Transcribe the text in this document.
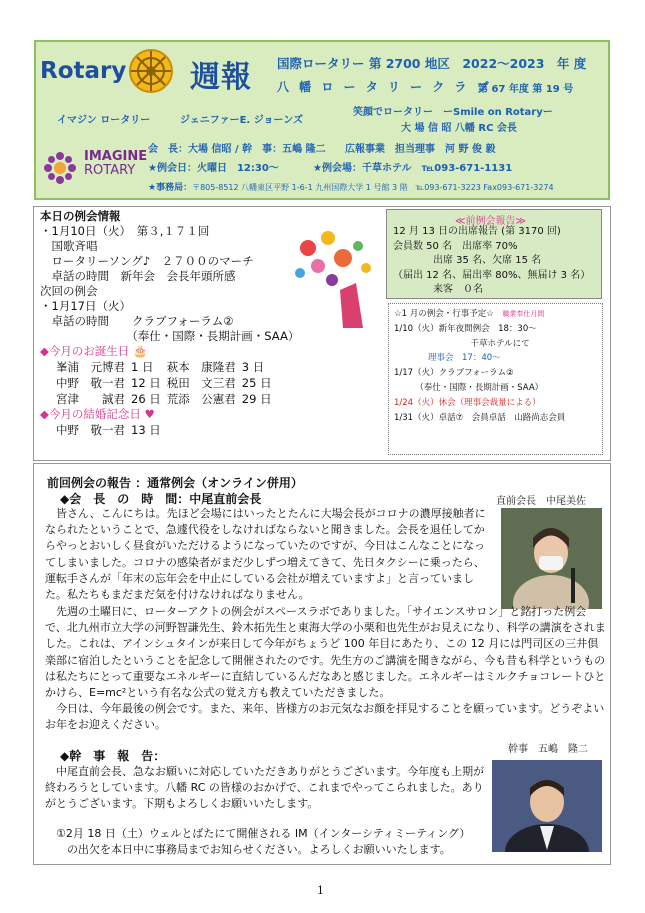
Rotary 週報 国際ロータリー 第 2700 地区　2022〜2023　年 度
八 幡 ロ ー タ リ ー ク ラ ブ
第 67 年度 第 19 号
イマジン ロータリー	ジェニファーE. ジョーンズ
笑顔でロータリー　ーSmile on Rotaryー
大 場 信 昭 八幡 RC 会長
IMAGINE
ROTARY
会　長：大場 信昭 / 幹　事：五嶋 隆二 広報事業　担当理事　河 野 俊 毅
★例会日：火曜日　12:30〜	★例会場：千草ホテル　℡093-671-1131
★事務局：〒805-8512 八幡東区平野 1-6-1 九州国際大学 1 号館 3 階　℡093-671-3223 Fax093-671-3274
本日の例会情報
・1月10日（火）　第３,１７１回
　国歌斉唱
　ロータリーソング♪　２７００のマーチ
　卓話の時間　新年会　会長年頭所感
次回の例会
・1月17日（火）
　卓話の時間　　クラブフォーラム②
　　　　　　　　（奉仕・国際・長期計画・SAA）
◆今月のお誕生日 🎂
峯浦　元博君	1 日	萩本　康隆君	3 日
中野　敬一君	12 日	税田　文三君	25 日
宮津　　誠君	26 日	荒添　公憲君	29 日
◆今月の結婚記念日 ♥
中野　敬一君	13 日
≪前例会報告≫
12 月 13 日の出席報告 (第 3170 回)
会員数 50 名　出席率 70%
　　　　出席 35 名、欠席 15 名
（届出 12 名、届出率 80%、無届け 3 名）
　　　　来客　０名
☆1 月の例会・行事予定☆　 職業奉仕月間
1/10（火）新年夜間例会　18：30〜
　　　　　　　　　千草ホテルにて
　　　　理事会　17：40〜
1/17（火）クラブフォーラム②
　　　（奉仕・国際・長期計画・SAA）
1/24（火）休会（理事会裁量による）
1/31（火）卓話⑦　会員卓話　山路尚志会員
前回例会の報告 ：通常例会（オンライン併用）
◆会　長　の　時　間：中尾直前会長	直前会長　中尾美佐
　皆さん、こんにちは。先ほど会場にはいったとたんに大場会長がコロナの濃厚接触者になられたということで、急遽代役をしなければならないと聞きました。会長を退任してからやっとおいしく昼食がいただけるようになっていたのですが、今日はこんなことになってしまいました。コロナの感染者がまだ少しずつ増えてきて、先日タクシーに乗ったら、運転手さんが「年末の忘年会を中止にしている会社が増えていますよ」と言っていました。私たちもまだまだ気を付けなければなりません。
　先週の土曜日に、ローターアクトの例会がスペースラボでありました。「サイエンスサロン」と銘打った例会で、北九州市立大学の河野智謙先生、鈴木拓先生と東海大学の小栗和也先生がお見えになり、科学の講演をされました。これは、アインシュタインが来日して今年がちょうど 100 年目にあたり、この 12 月には門司区の三井倶楽部に宿泊したということを記念して開催されたのです。先生方のご講演を聞きながら、今も昔も科学というものは私たちにとって重要なエネルギーに直結しているんだなあと感じました。エネルギーはミルクチョコレートひとかけら、E=mc²という有名な公式の覚え方も教えていただきました。
　今日は、今年最後の例会です。また、来年、皆様方のお元気なお顔を拝見することを願っています。どうぞよいお年をお迎えください。
◆幹　事　報　告：	幹事　五嶋　隆二
　中尾直前会長、急なお願いに対応していただきありがとうございます。今年度も上期が終わろうとしています。八幡 RC の皆様のおかげで、これまでやってこられました。ありがとうございます。下期もよろしくお願いいたします。
　①2月 18 日（土）ウェルとばたにて開催される IM（インターシティミーティング）
　　の出欠を本日中に事務局までお知らせください。よろしくお願いいたします。
1
